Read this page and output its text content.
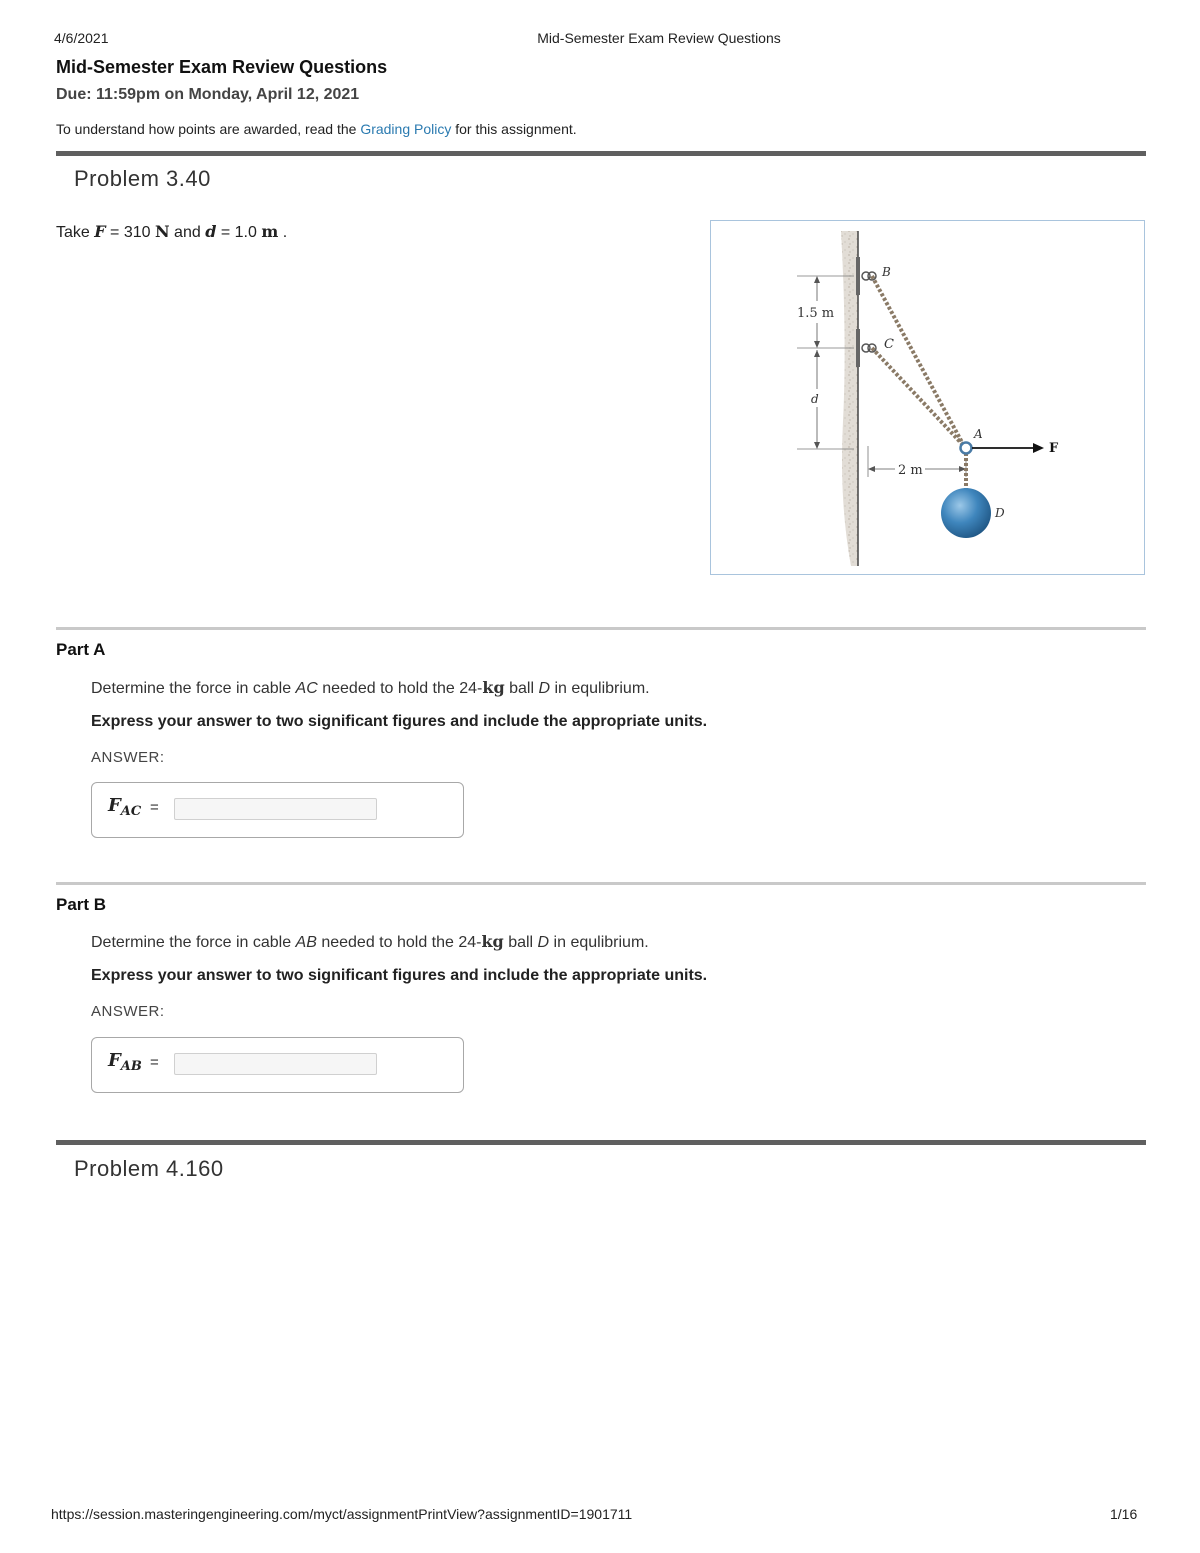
4/6/2021	Mid-Semester Exam Review Questions
Mid-Semester Exam Review Questions
Due: 11:59pm on Monday, April 12, 2021
To understand how points are awarded, read the Grading Policy for this assignment.
Problem 3.40
Take F = 310 N and d = 1.0 m .
1.5 m
d
2 m
B
C
A
F
D
Part A
Determine the force in cable AC needed to hold the 24-kg ball D in equlibrium.
Express your answer to two significant figures and include the appropriate units.
ANSWER:
$F_{AC}$ =
Part B
Determine the force in cable AB needed to hold the 24-kg ball D in equlibrium.
Express your answer to two significant figures and include the appropriate units.
ANSWER:
$F_{AB}$ =
Problem 4.160
https://session.masteringengineering.com/myct/assignmentPrintView?assignmentID=1901711	1/16
